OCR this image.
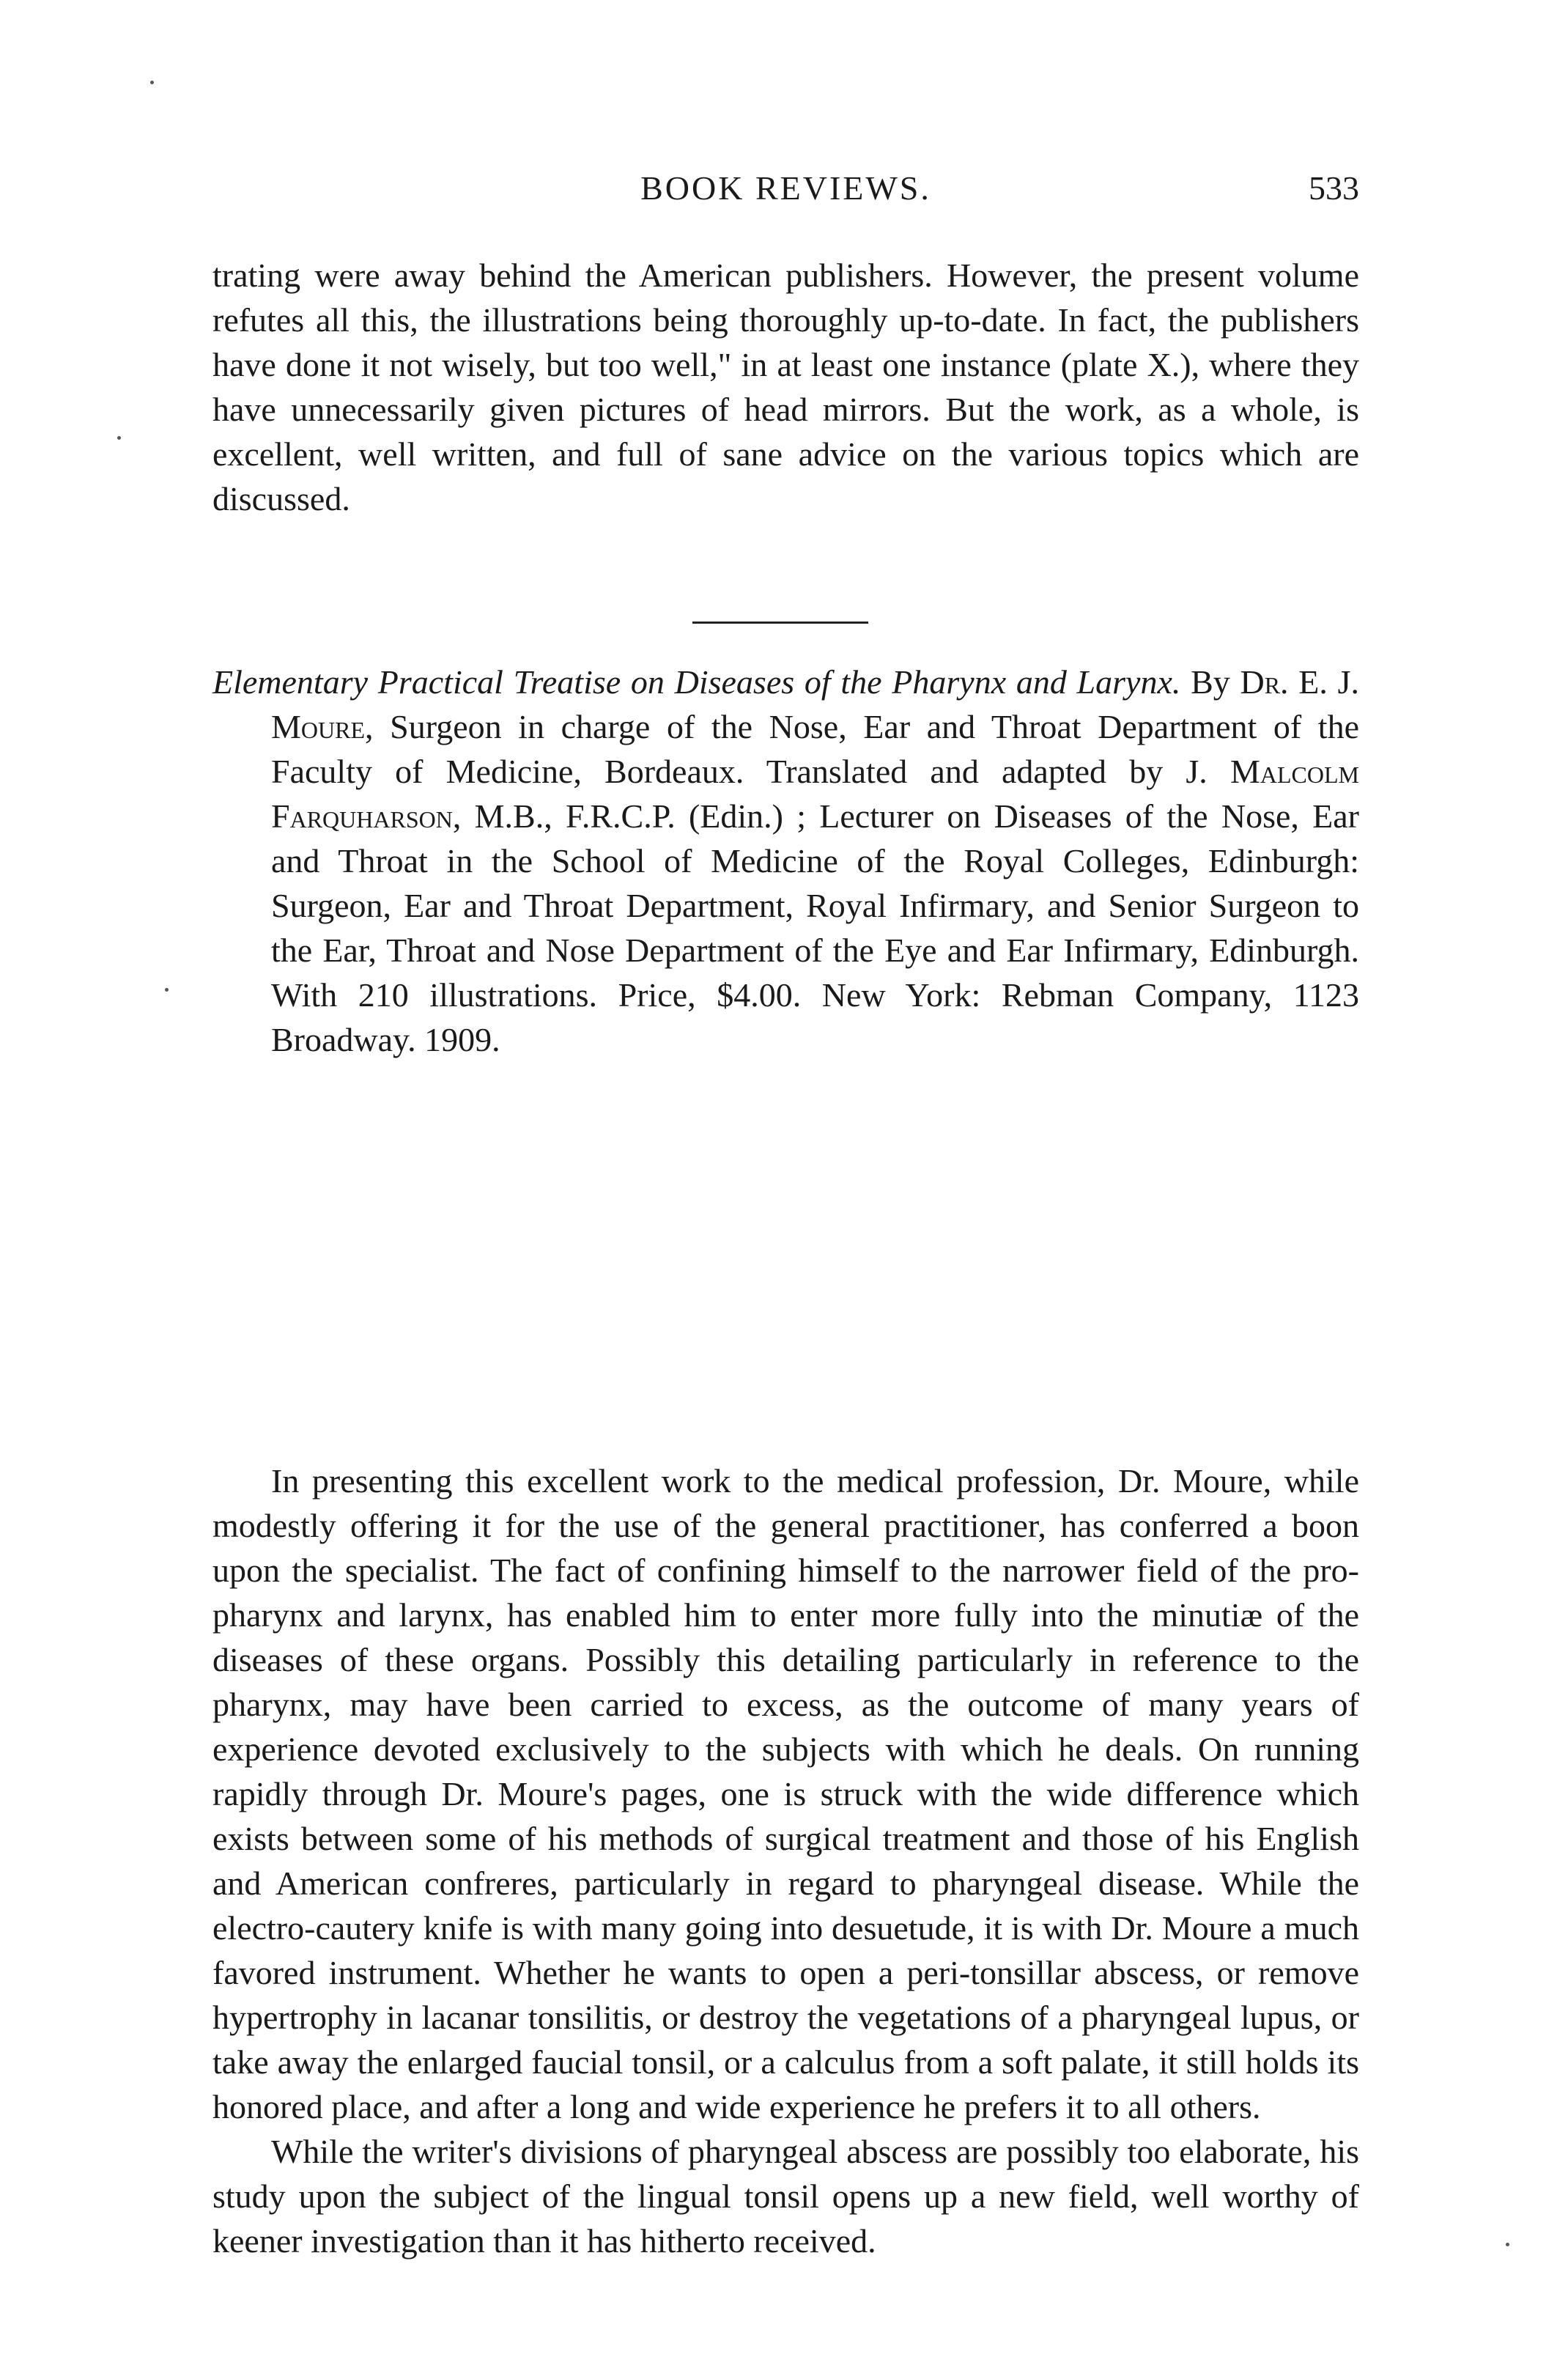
BOOK REVIEWS.	533

trating were away behind the American publishers. However, the present volume refutes all this, the illustrations being thoroughly up-to-date. In fact, the publishers have done it not wisely, but too well," in at least one instance (plate X.), where they have unnecessarily given pictures of head mirrors. But the work, as a whole, is excellent, well written, and full of sane advice on the various topics which are discussed.

Elementary Practical Treatise on Diseases of the Pharynx and Larynx. By Dr. E. J. Moure, Surgeon in charge of the Nose, Ear and Throat Department of the Faculty of Medicine, Bordeaux. Translated and adapted by J. Malcolm Farquharson, M.B., F.R.C.P. (Edin.) ; Lecturer on Diseases of the Nose, Ear and Throat in the School of Medicine of the Royal Colleges, Edinburgh: Surgeon, Ear and Throat Department, Royal Infirmary, and Senior Surgeon to the Ear, Throat and Nose Department of the Eye and Ear Infirmary, Edinburgh. With 210 illustrations. Price, $4.00. New York: Rebman Company, 1123 Broadway. 1909.

In presenting this excellent work to the medical profession, Dr. Moure, while modestly offering it for the use of the general practitioner, has conferred a boon upon the specialist. The fact of confining himself to the narrower field of the pro-pharynx and larynx, has enabled him to enter more fully into the minutiæ of the diseases of these organs. Possibly this detailing particularly in reference to the pharynx, may have been carried to excess, as the outcome of many years of experience devoted exclusively to the subjects with which he deals. On running rapidly through Dr. Moure's pages, one is struck with the wide difference which exists between some of his methods of surgical treatment and those of his English and American confreres, particularly in regard to pharyngeal disease. While the electro-cautery knife is with many going into desuetude, it is with Dr. Moure a much favored instrument. Whether he wants to open a peri-tonsillar abscess, or remove hypertrophy in lacanar tonsilitis, or destroy the vegetations of a pharyngeal lupus, or take away the enlarged faucial tonsil, or a calculus from a soft palate, it still holds its honored place, and after a long and wide experience he prefers it to all others.

While the writer's divisions of pharyngeal abscess are possibly too elaborate, his study upon the subject of the lingual tonsil opens up a new field, well worthy of keener investigation than it has hitherto received.
